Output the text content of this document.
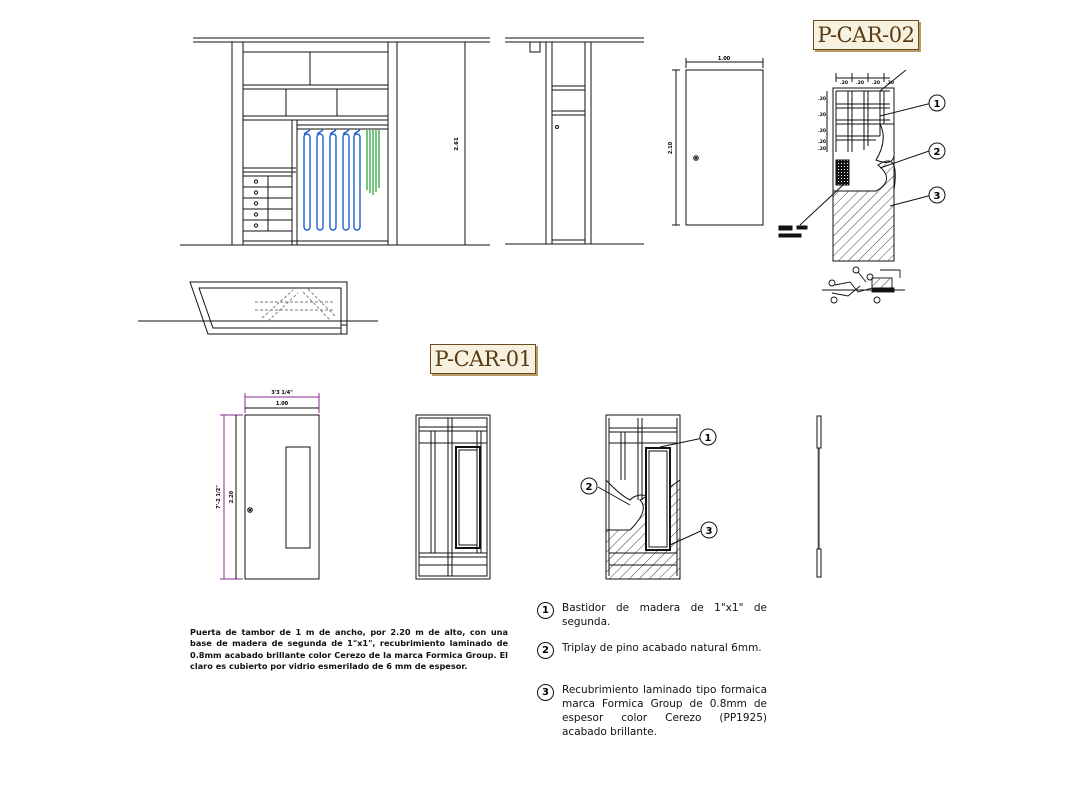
2.61
1.00
2.10
.20 .20 .20 .20
.20
.20
.20
.20
.20
1
2
3
3'3 1/4"
1.00
7'-2 1/2" 2.20
1
2
3
P-CAR-02
P-CAR-01
Puerta de tambor de 1 m de ancho, por 2.20 m de alto, con una base de madera de segunda de 1"x1", recubrimiento laminado de 0.8mm acabado brillante color Cerezo de la marca Formica Group. El claro es cubierto por vidrio esmerilado de 6 mm de espesor.
1	Bastidor de madera de 1"x1" de segunda.
2	Triplay de pino acabado natural 6mm.
3	Recubrimiento laminado tipo formaica marca Formica Group de 0.8mm de espesor color Cerezo (PP1925) acabado brillante.
